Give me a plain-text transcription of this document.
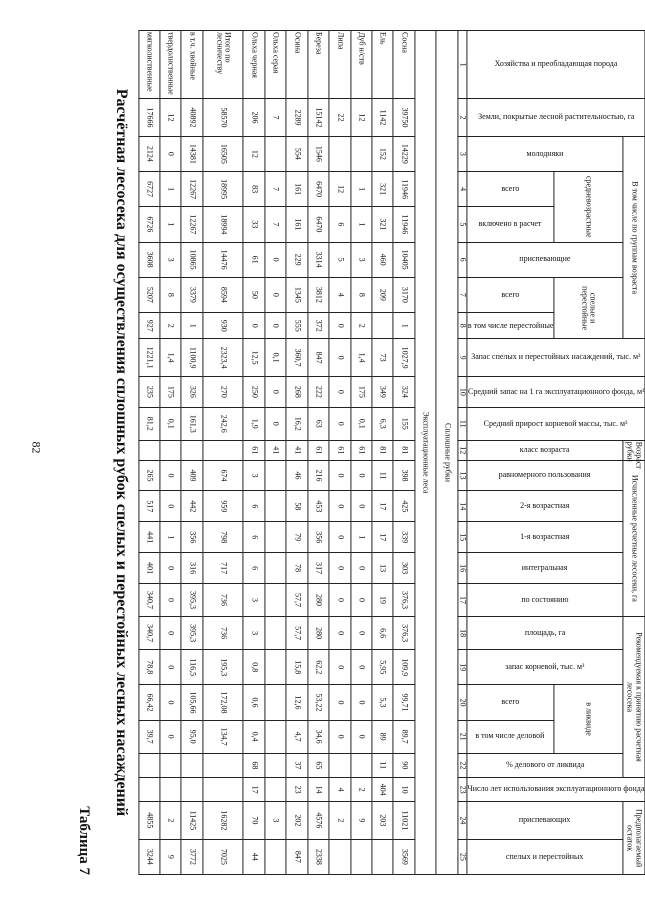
82
Таблица 7
Расчётная лесосека для осуществления сплошных рубок спелых и перестойных лесных насаждений
Хозяйства и преобладающая порода	Земли, покрытые лесной растительностью, га	В том числе по группам возраста						Запас спелых и перестойных насаждений, тыс. м³	Средний запас на 1 га эксплуатационного фонда, м³	Средний прирост корневой массы, тыс. м³	Возраст рубки	Исчисленные расчетные лесосеки, га					Рекомендуемая к принятию расчетная лесосека					Число лет использования эксплуатационного фонда	Предполагаемый остаток	

		молодняки	средневозрастные		приспевающие	спелые и перестойные					класс возраста	равномерного пользования	2-я возрастная	1-я возрастная	интегральная	по состоянию	площадь, га	запас корневой, тыс. м³	в ликвиде		% делового от ликвида		приспевающих	спелых и перестойных

			всего	включено в расчет		всего	в том числе перестойные												всего	в том числе деловой				

1	2	3	4	5	6	7	8	9	10	11	12	13	14	15	16	17	18	19	20	21	22	23	24	25
Сплошные рубки																								
Эксплуатационные леса																								
Сосна	39750	14229	11946	11946	10405	3170	1	1027,9	324	155	81	398	425	339	303	376,3	376,3	109,9	99,71	89,7	90	10	11021	3569
Ель	1142	152	321	321	460	209		73	349	6,3	81	11	17	17	13	19	6,6	5,95	5,3	89	11	404	203	
Дуб н/ств	12		1	1	3	8	2	1,4	175	0,1	61	0	0	1	0	0	0	0	0	0		2	9	
Липа	22		12	6	5	4	0	0	0	0	61	0	0	0	0	0	0	0	0	0		4	2	
Береза	15142	1546	6470	6470	3314	3812	372	847	222	63	61	216	453	356	317	280	280	62,2	53,22	34,6	65	14	4576	2338
Осина	2289	554	161	161	229	1345	555	360,7	268	16,2	41	46	58	79	78	57,7	57,7	15,8	12,6	4,7	37	23	202	847
Ольха серая	7		7	7	0	0	0	0,1	0	0	41												3	
Ольха черная	206	12	83	33	61	50	0	12,5	250	1,9	61	3	6	6	6	3	3	0,8	0,6	0,4	68	17	70	44
Итого по лесничеству	58570	16505	18995	18994	14476	8594	930	2323,4	270	242,6		674	959	798	717	736	736	195,3	172,08	134,7			16282	7025
в т.ч. хвойные	40892	14381	12267	12267	10865	3379	1	1100,9	326	161,3		409	442	356	316	395,3	395,3	116,5	105,66	95,0			11425	3772
твердолиственные	12	0	1	1	3	8	2	1,4	175	0,1		0	0	1	0	0	0	0	0	0			2	9
мягколиственные	17666	2124	6727	6726	3608	5207	927	1221,1	235	81,2		265	517	441	401	340,7	340,7	78,8	66,42	39,7			4855	3244
